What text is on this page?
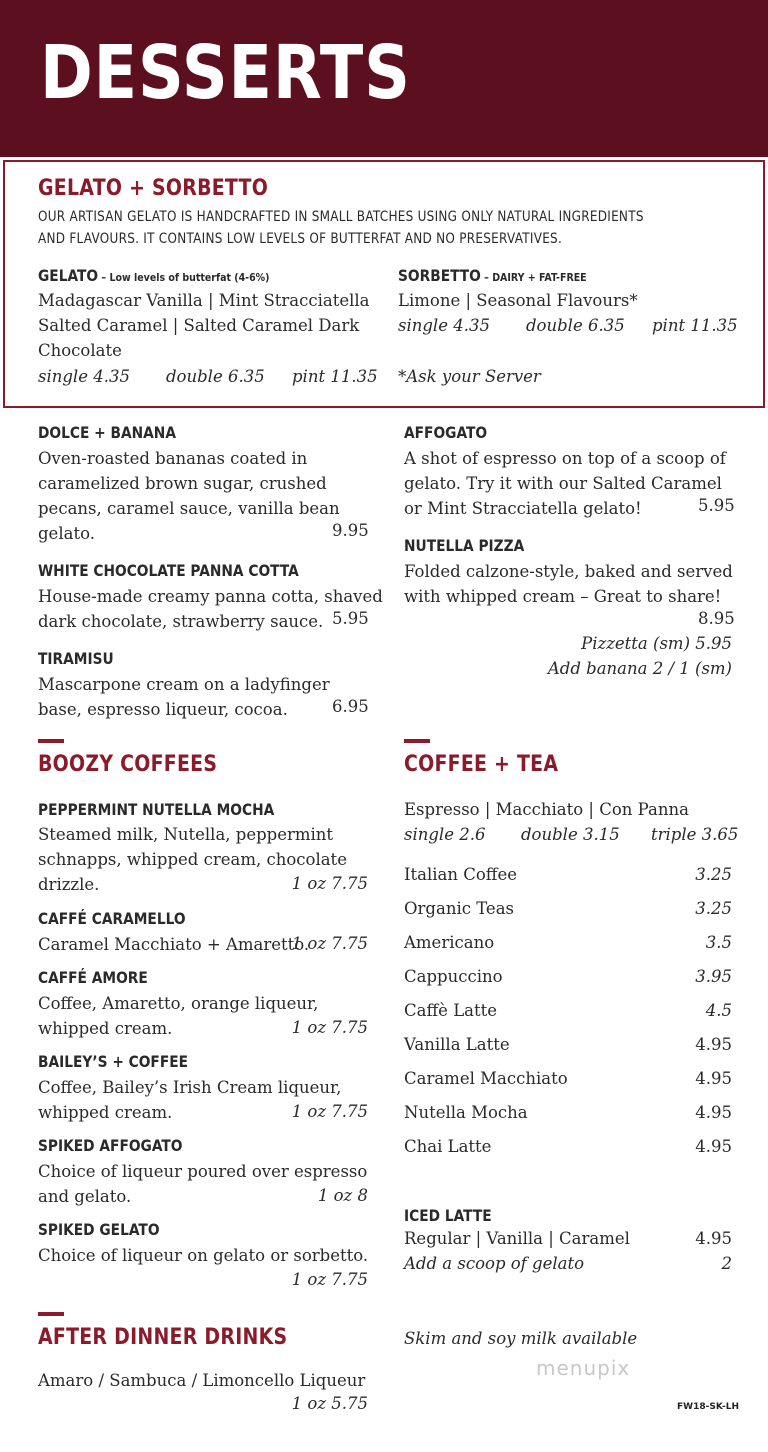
DESSERTS
GELATO + SORBETTO
OUR ARTISAN GELATO IS HANDCRAFTED IN SMALL BATCHES USING ONLY NATURAL INGREDIENTS
AND FLAVOURS. IT CONTAINS LOW LEVELS OF BUTTERFAT AND NO PRESERVATIVES.
GELATO – Low levels of butterfat (4-6%)
Madagascar Vanilla | Mint Stracciatella
Salted Caramel | Salted Caramel Dark
Chocolate
single 4.35 double 6.35 pint 11.35
SORBETTO – DAIRY + FAT-FREE
Limone | Seasonal Flavours*
single 4.35 double 6.35 pint 11.35
*Ask your Server
DOLCE + BANANA
Oven-roasted bananas coated in
caramelized brown sugar, crushed
pecans, caramel sauce, vanilla bean
gelato.	9.95
WHITE CHOCOLATE PANNA COTTA
House-made creamy panna cotta, shaved
dark chocolate, strawberry sauce. 5.95
TIRAMISU
Mascarpone cream on a ladyfinger
base, espresso liqueur, cocoa.	6.95
AFFOGATO
A shot of espresso on top of a scoop of
gelato. Try it with our Salted Caramel
or Mint Stracciatella gelato!	5.95
NUTELLA PIZZA
Folded calzone-style, baked and served
with whipped cream – Great to share!
8.95
Pizzetta (sm) 5.95
Add banana 2 / 1 (sm)
BOOZY COFFEES
PEPPERMINT NUTELLA MOCHA
Steamed milk, Nutella, peppermint
schnapps, whipped cream, chocolate
drizzle.	1 oz 7.75
CAFFÉ CARAMELLO
Caramel Macchiato + Amaretto.
1 oz 7.75
CAFFÉ AMORE
Coffee, Amaretto, orange liqueur,
whipped cream.	1 oz 7.75
BAILEY’S + COFFEE
Coffee, Bailey’s Irish Cream liqueur,
whipped cream.	1 oz 7.75
SPIKED AFFOGATO
Choice of liqueur poured over espresso
and gelato.	1 oz 8
SPIKED GELATO
Choice of liqueur on gelato or sorbetto.
1 oz 7.75
AFTER DINNER DRINKS
Amaro / Sambuca / Limoncello Liqueur
1 oz 5.75
COFFEE + TEA
Espresso | Macchiato | Con Panna
single 2.6 double 3.15 triple 3.65
Italian Coffee	3.25
Organic Teas	3.25
Americano	3.5
Cappuccino	3.95
Caffè Latte	4.5
Vanilla Latte	4.95
Caramel Macchiato	4.95
Nutella Mocha	4.95
Chai Latte	4.95
ICED LATTE
Regular | Vanilla | Caramel	4.95
Add a scoop of gelato	2
Skim and soy milk available
menupix
FW18-SK-LH
